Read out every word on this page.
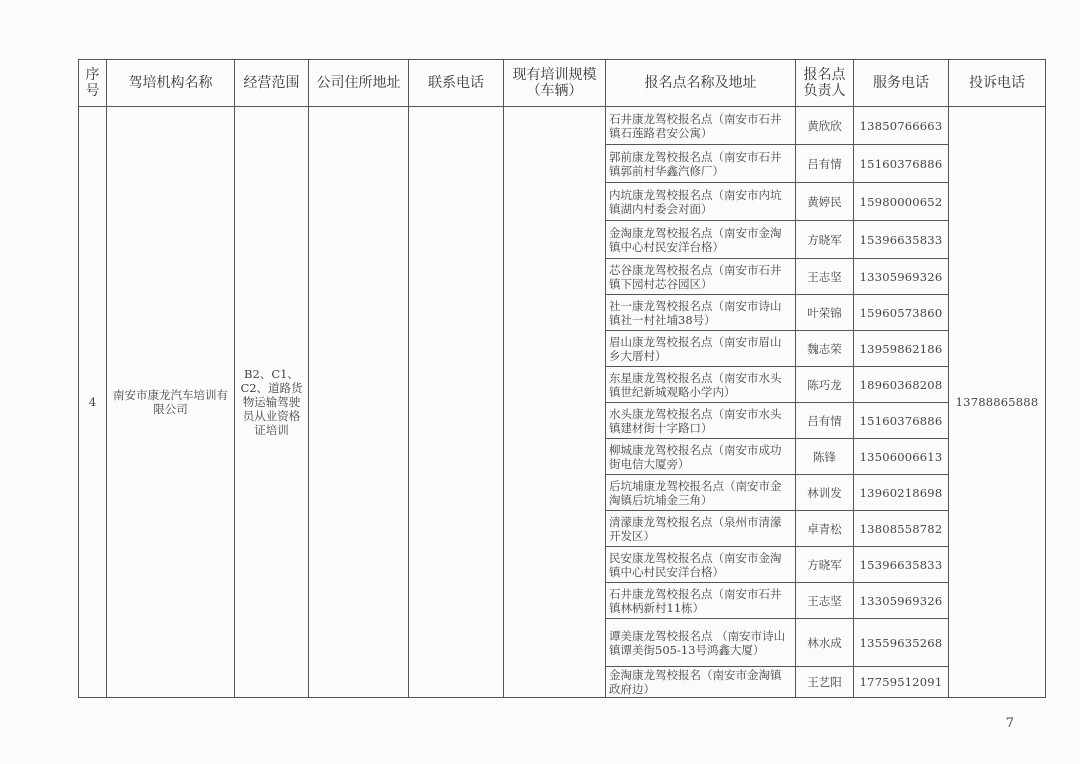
序号	驾培机构名称	经营范围	公司住所地址	联系电话	现有培训规模（车辆）	报名点名称及地址	报名点负责人	服务电话	投诉电话
4	南安市康龙汽车培训有限公司	B2、C1、C2、道路货物运输驾驶员从业资格证培训				石井康龙驾校报名点（南安市石井镇石莲路君安公寓）	黄欣欣	13850766663	13788865888
						郭前康龙驾校报名点（南安市石井镇郭前村华鑫汽修厂）	吕有情	15160376886	
						内坑康龙驾校报名点（南安市内坑镇湖内村委会对面）	黄婷民	15980000652	
						金淘康龙驾校报名点（南安市金淘镇中心村民安洋台格）	方晓军	15396635833	
						芯谷康龙驾校报名点（南安市石井镇下园村芯谷园区）	王志坚	13305969326	
						社一康龙驾校报名点（南安市诗山镇社一村社埔38号）	叶荣锦	15960573860	
						眉山康龙驾校报名点（南安市眉山乡大厝村）	魏志荣	13959862186	
						东星康龙驾校报名点（南安市水头镇世纪新城观略小学内）	陈巧龙	18960368208	
						水头康龙驾校报名点（南安市水头镇建材街十字路口）	吕有情	15160376886	
						柳城康龙驾校报名点（南安市成功街电信大厦旁）	陈锋	13506006613	
						后坑埔康龙驾校报名点（南安市金淘镇后坑埔金三角）	林训发	13960218698	
						清濛康龙驾校报名点（泉州市清濛开发区）	卓青松	13808558782	
						民安康龙驾校报名点（南安市金淘镇中心村民安洋台格）	方晓军	15396635833	
						石井康龙驾校报名点（南安市石井镇林柄新村11栋）	王志坚	13305969326	
						谭美康龙驾校报名点 （南安市诗山镇谭美街505-13号鸿鑫大厦）	林水成	13559635268	
						金淘康龙驾校报名（南安市金淘镇政府边）	王艺阳	17759512091	
7
